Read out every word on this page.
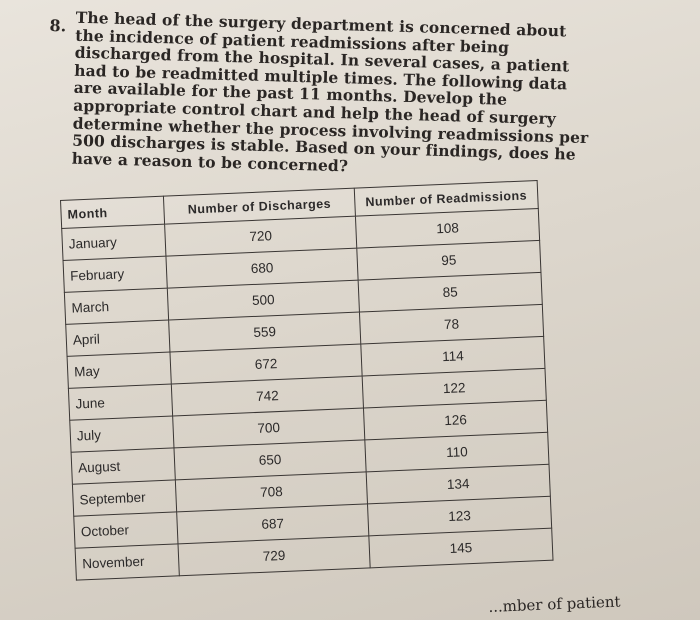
8. The head of the surgery department is concerned about the incidence of patient readmissions after being discharged from the hospital. In several cases, a patient had to be readmitted multiple times. The following data are available for the past 11 months. Develop the appropriate control chart and help the head of surgery determine whether the process involving readmissions per 500 discharges is stable. Based on your findings, does he have a reason to be concerned?
Month	Number of Discharges	Number of Readmissions
January	720	108
February	680	95
March	500	85
April	559	78
May	672	114
June	742	122
July	700	126
August	650	110
September	708	134
October	687	123
November	729	145
...mber of patient
